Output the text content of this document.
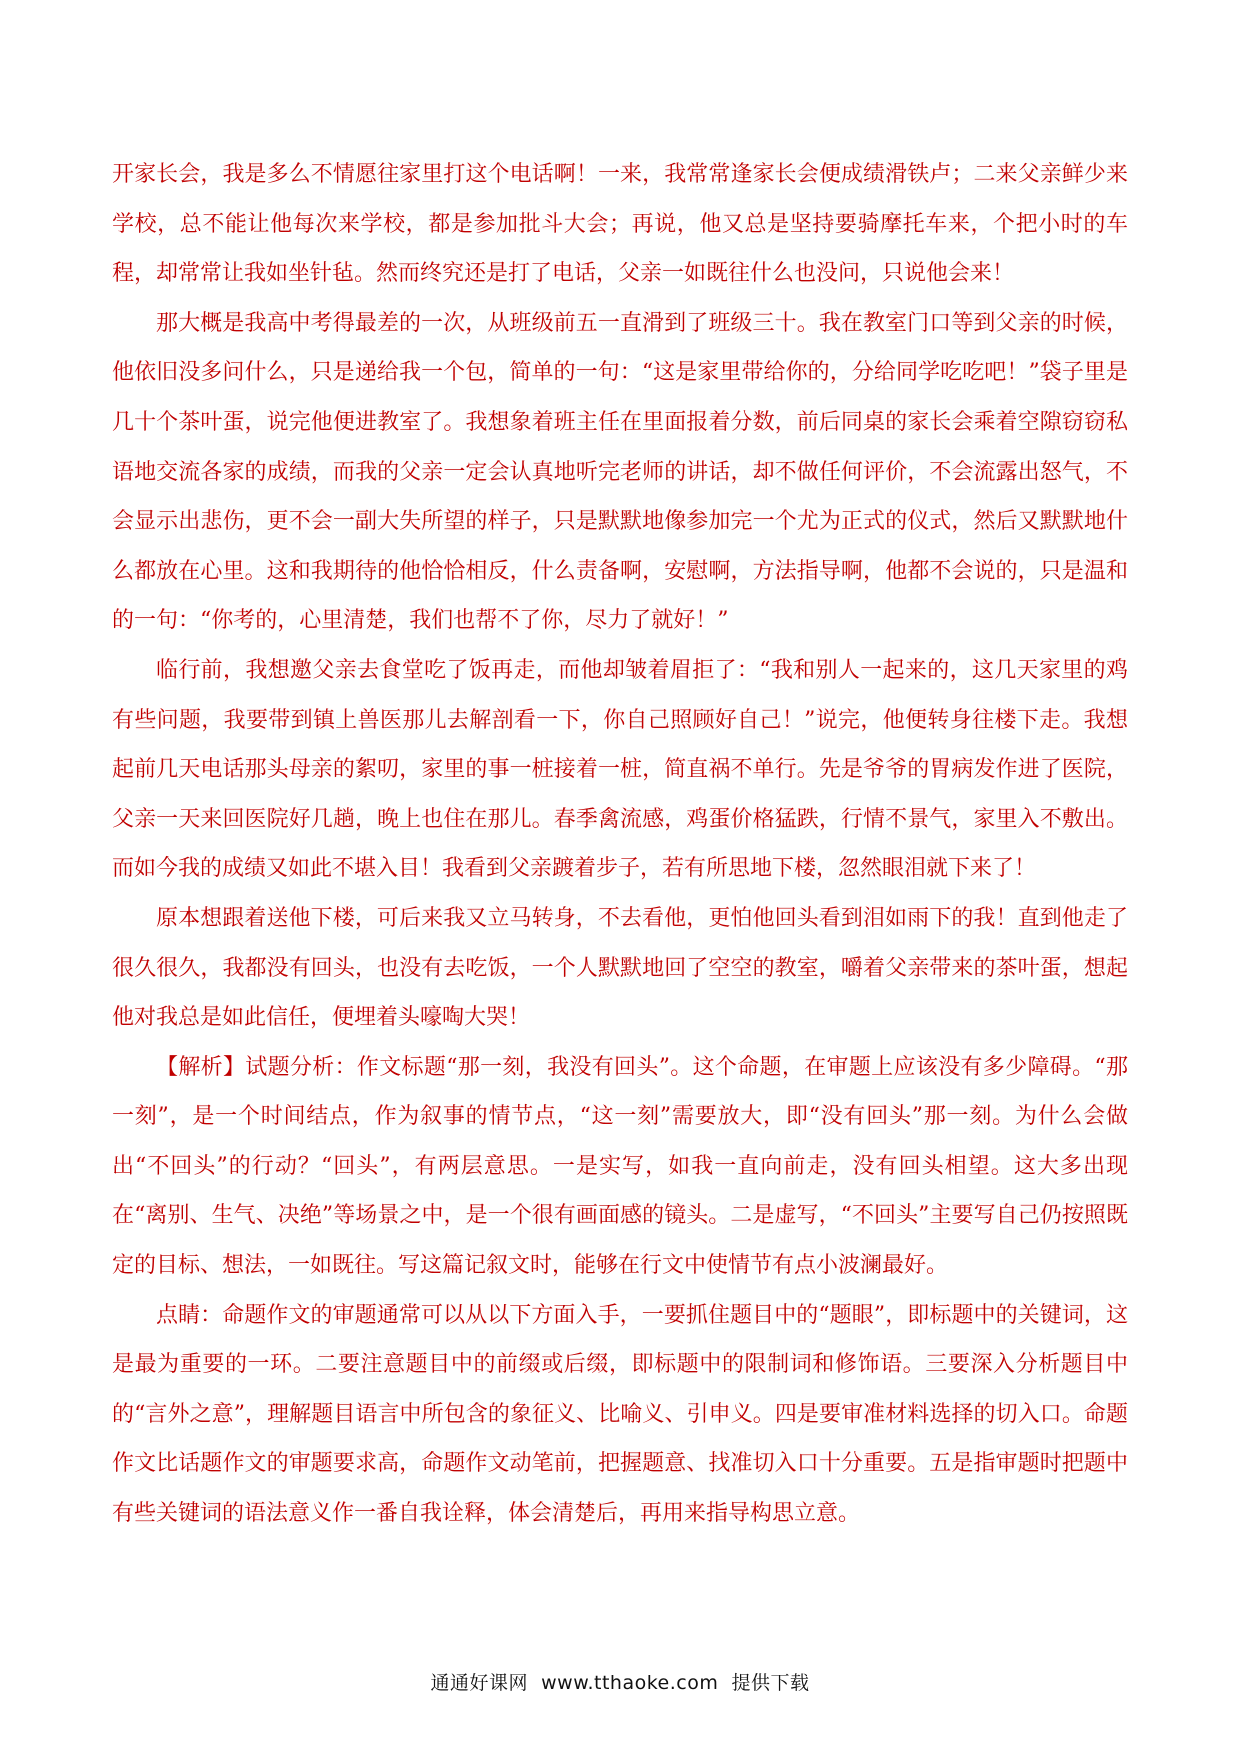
开家长会，我是多么不情愿往家里打这个电话啊！一来，我常常逢家长会便成绩滑铁卢；二来父亲鲜少来学校，总不能让他每次来学校，都是参加批斗大会；再说，他又总是坚持要骑摩托车来，个把小时的车程，却常常让我如坐针毡。然而终究还是打了电话，父亲一如既往什么也没问，只说他会来！

那大概是我高中考得最差的一次，从班级前五一直滑到了班级三十。我在教室门口等到父亲的时候，他依旧没多问什么，只是递给我一个包，简单的一句：“这是家里带给你的，分给同学吃吃吧！”袋子里是几十个茶叶蛋，说完他便进教室了。我想象着班主任在里面报着分数，前后同桌的家长会乘着空隙窃窃私语地交流各家的成绩，而我的父亲一定会认真地听完老师的讲话，却不做任何评价，不会流露出怒气，不会显示出悲伤，更不会一副大失所望的样子，只是默默地像参加完一个尤为正式的仪式，然后又默默地什么都放在心里。这和我期待的他恰恰相反，什么责备啊，安慰啊，方法指导啊，他都不会说的，只是温和的一句：“你考的，心里清楚，我们也帮不了你，尽力了就好！”

临行前，我想邀父亲去食堂吃了饭再走，而他却皱着眉拒了：“我和别人一起来的，这几天家里的鸡有些问题，我要带到镇上兽医那儿去解剖看一下，你自己照顾好自己！”说完，他便转身往楼下走。我想起前几天电话那头母亲的絮叨，家里的事一桩接着一桩，简直祸不单行。先是爷爷的胃病发作进了医院，父亲一天来回医院好几趟，晚上也住在那儿。春季禽流感，鸡蛋价格猛跌，行情不景气，家里入不敷出。而如今我的成绩又如此不堪入目！我看到父亲踱着步子，若有所思地下楼，忽然眼泪就下来了！

原本想跟着送他下楼，可后来我又立马转身，不去看他，更怕他回头看到泪如雨下的我！直到他走了很久很久，我都没有回头，也没有去吃饭，一个人默默地回了空空的教室，嚼着父亲带来的茶叶蛋，想起他对我总是如此信任，便埋着头嚎啕大哭！

【解析】试题分析：作文标题“那一刻，我没有回头”。这个命题，在审题上应该没有多少障碍。“那一刻”，是一个时间结点，作为叙事的情节点，“这一刻”需要放大，即“没有回头”那一刻。为什么会做出“不回头”的行动？“回头”，有两层意思。一是实写，如我一直向前走，没有回头相望。这大多出现在“离别、生气、决绝”等场景之中，是一个很有画面感的镜头。二是虚写，“不回头”主要写自己仍按照既定的目标、想法，一如既往。写这篇记叙文时，能够在行文中使情节有点小波澜最好。

点睛：命题作文的审题通常可以从以下方面入手，一要抓住题目中的“题眼”，即标题中的关键词，这是最为重要的一环。二要注意题目中的前缀或后缀，即标题中的限制词和修饰语。三要深入分析题目中的“言外之意”，理解题目语言中所包含的象征义、比喻义、引申义。四是要审准材料选择的切入口。命题作文比话题作文的审题要求高，命题作文动笔前，把握题意、找准切入口十分重要。五是指审题时把题中有些关键词的语法意义作一番自我诠释，体会清楚后，再用来指导构思立意。

通通好课网  www.tthaoke.com  提供下载
